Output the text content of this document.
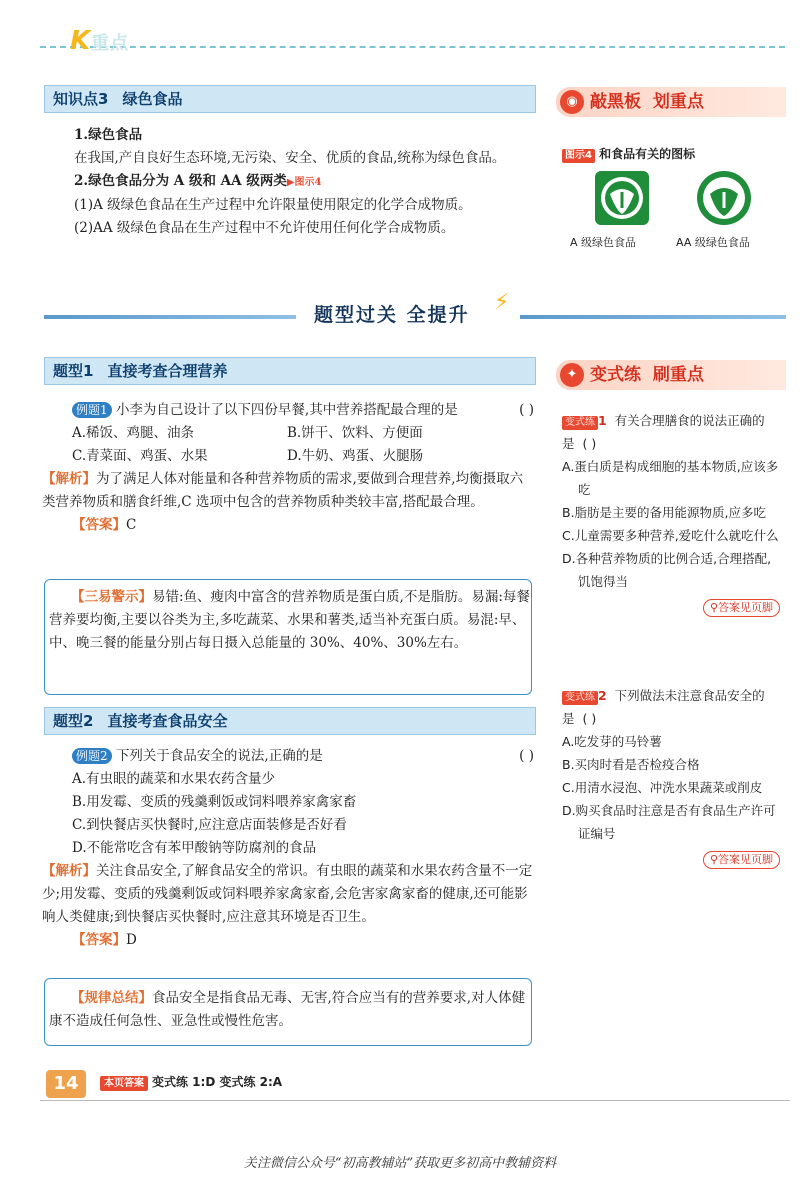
K重点
知识点3 绿色食品
1.绿色食品
在我国,产自良好生态环境,无污染、安全、优质的食品,统称为绿色食品。
2.绿色食品分为 A 级和 AA 级两类▶图示4
(1)A 级绿色食品在生产过程中允许限量使用限定的化学合成物质。
(2)AA 级绿色食品在生产过程中不允许使用任何化学合成物质。
◉ 敲黑板 划重点
图示4 和食品有关的图标
A 级绿色食品	AA 级绿色食品
题型过关 全提升 ⚡
题型1 直接考查合理营养
例题1 小李为自己设计了以下四份早餐,其中营养搭配最合理的是	( )
A.稀饭、鸡腿、油条	B.饼干、饮料、方便面
C.青菜面、鸡蛋、水果	D.牛奶、鸡蛋、火腿肠
【解析】为了满足人体对能量和各种营养物质的需求,要做到合理营养,均衡摄取六类营养物质和膳食纤维,C 选项中包含的营养物质种类较丰富,搭配最合理。
【答案】C
【三易警示】易错:鱼、瘦肉中富含的营养物质是蛋白质,不是脂肪。易漏:每餐营养要均衡,主要以谷类为主,多吃蔬菜、水果和薯类,适当补充蛋白质。易混:早、中、晚三餐的能量分别占每日摄入总能量的 30%、40%、30%左右。
题型2 直接考查食品安全
例题2 下列关于食品安全的说法,正确的是	( )
A.有虫眼的蔬菜和水果农药含量少
B.用发霉、变质的残羹剩饭或饲料喂养家禽家畜
C.到快餐店买快餐时,应注意店面装修是否好看
D.不能常吃含有苯甲酸钠等防腐剂的食品
【解析】关注食品安全,了解食品安全的常识。有虫眼的蔬菜和水果农药含量不一定少;用发霉、变质的残羹剩饭或饲料喂养家禽家畜,会危害家禽家畜的健康,还可能影响人类健康;到快餐店买快餐时,应注意其环境是否卫生。
【答案】D
【规律总结】食品安全是指食品无毒、无害,符合应当有的营养要求,对人体健康不造成任何急性、亚急性或慢性危害。
✦ 变式练 刷重点
变式练 1 有关合理膳食的说法正确的是 ( )
A.蛋白质是构成细胞的基本物质,应该多吃
B.脂肪是主要的备用能源物质,应多吃
C.儿童需要多种营养,爱吃什么就吃什么
D.各种营养物质的比例合适,合理搭配,饥饱得当
⚲答案见页脚
变式练 2 下列做法未注意食品安全的是 ( )
A.吃发芽的马铃薯
B.买肉时看是否检疫合格
C.用清水浸泡、冲洗水果蔬菜或削皮
D.购买食品时注意是否有食品生产许可证编号
⚲答案见页脚
14	本页答案 变式练 1:D 变式练 2:A
关注微信公众号“初高教辅站”获取更多初高中教辅资料
